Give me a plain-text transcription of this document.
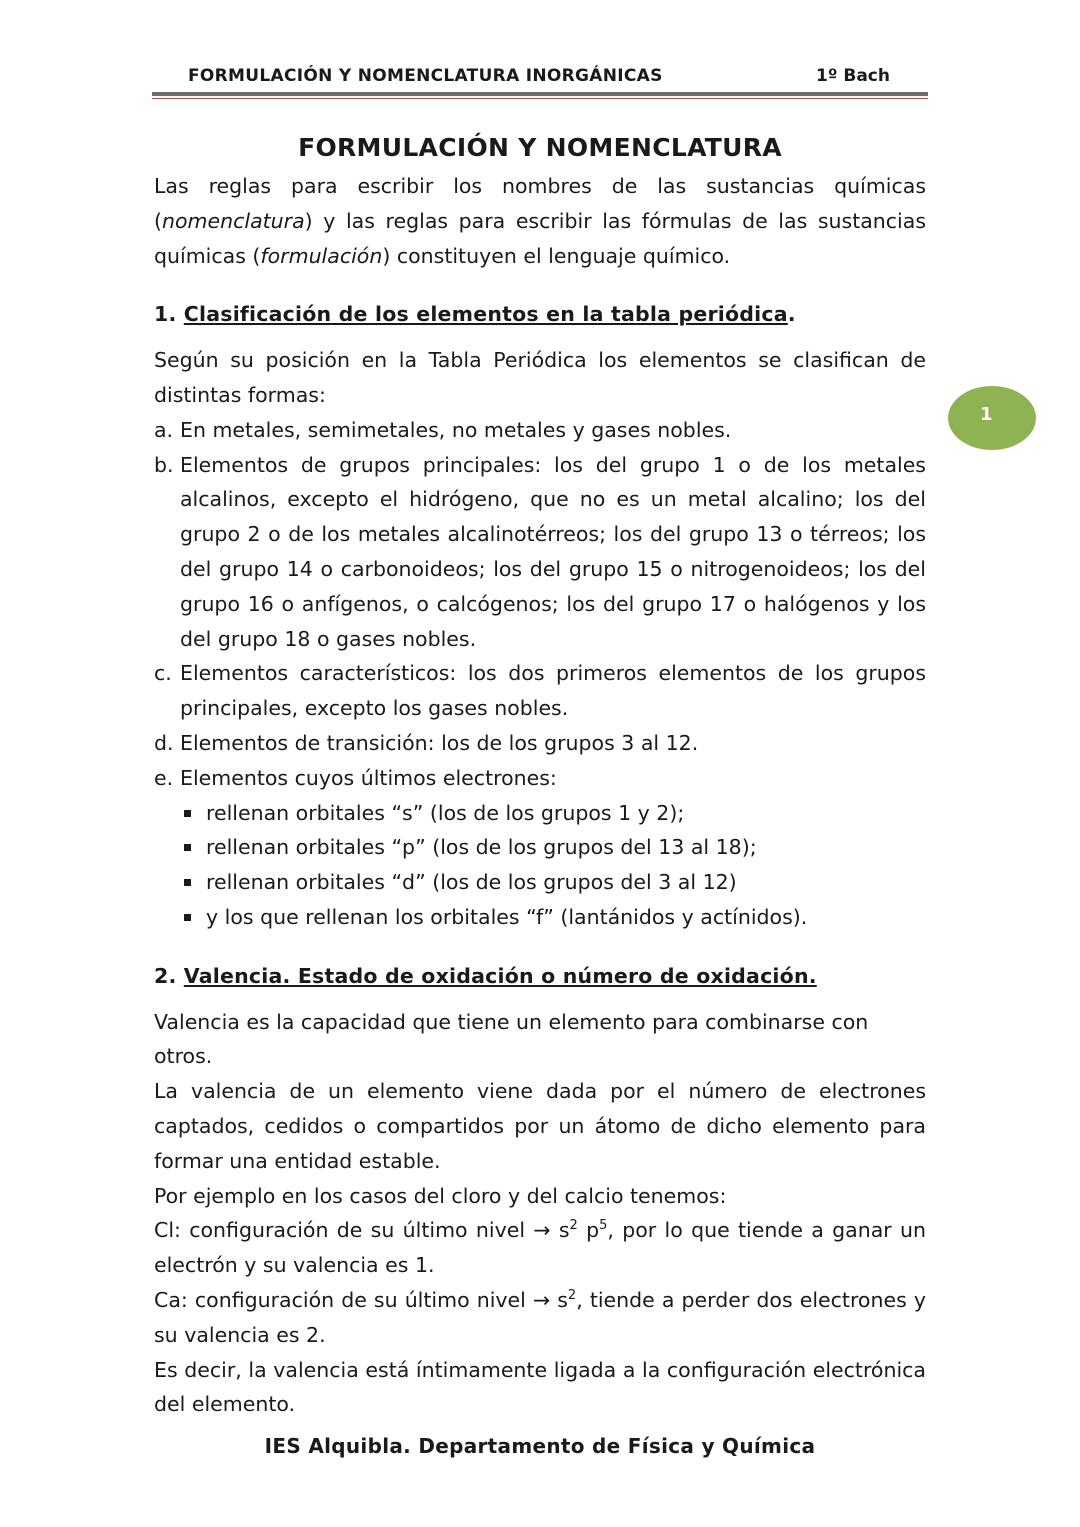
FORMULACIÓN Y NOMENCLATURA INORGÁNICAS	1º Bach
1
FORMULACIÓN Y NOMENCLATURA

Las reglas para escribir los nombres de las sustancias químicas (nomenclatura) y las reglas para escribir las fórmulas de las sustancias químicas (formulación) constituyen el lenguaje químico.

1. Clasificación de los elementos en la tabla periódica.

Según su posición en la Tabla Periódica los elementos se clasifican de distintas formas:

a. En metales, semimetales, no metales y gases nobles.
b. Elementos de grupos principales: los del grupo 1 o de los metales alcalinos, excepto el hidrógeno, que no es un metal alcalino; los del grupo 2 o de los metales alcalinotérreos; los del grupo 13 o térreos; los del grupo 14 o carbonoideos; los del grupo 15 o nitrogenoideos; los del grupo 16 o anfígenos, o calcógenos; los del grupo 17 o halógenos y los del grupo 18 o gases nobles.
c. Elementos característicos: los dos primeros elementos de los grupos principales, excepto los gases nobles.
d. Elementos de transición: los de los grupos 3 al 12.
e. Elementos cuyos últimos electrones:
rellenan orbitales “s” (los de los grupos 1 y 2);
rellenan orbitales “p” (los de los grupos del 13 al 18);
rellenan orbitales “d” (los de los grupos del 3 al 12)
y los que rellenan los orbitales “f” (lantánidos y actínidos).
2. Valencia. Estado de oxidación o número de oxidación.

Valencia es la capacidad que tiene un elemento para combinarse con otros.

La valencia de un elemento viene dada por el número de electrones captados, cedidos o compartidos por un átomo de dicho elemento para formar una entidad estable.

Por ejemplo en los casos del cloro y del calcio tenemos:

Cl: configuración de su último nivel → $s^2$ $p^5$, por lo que tiende a ganar un electrón y su valencia es 1.

Ca: configuración de su último nivel → $s^2$, tiende a perder dos electrones y su valencia es 2.

Es decir, la valencia está íntimamente ligada a la configuración electrónica del elemento.

IES Alquibla. Departamento de Física y Química
